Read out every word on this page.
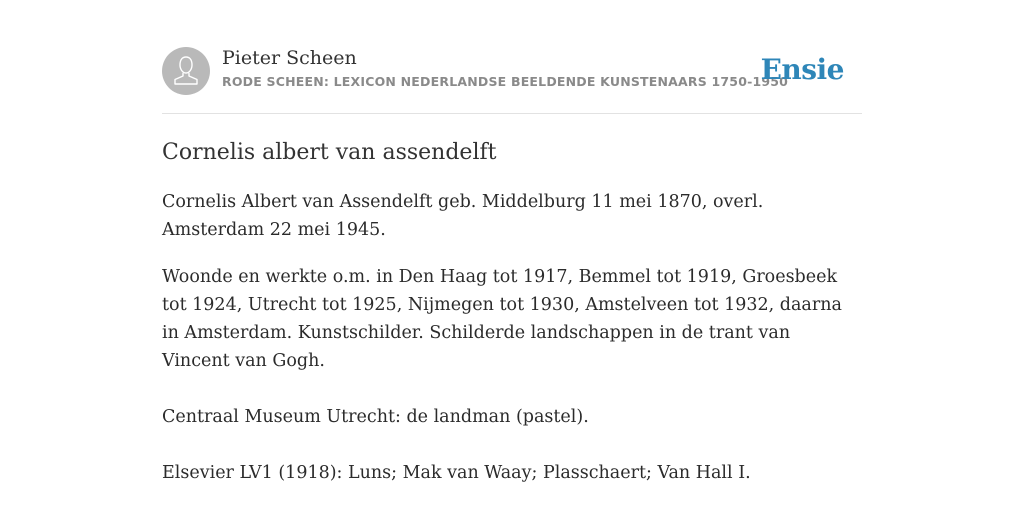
Pieter Scheen
RODE SCHEEN: LEXICON NEDERLANDSE BEELDENDE KUNSTENAARS 1750-1950
Ensie
Cornelis albert van assendelft

Cornelis Albert van Assendelft geb. Middelburg 11 mei 1870, overl. Amsterdam 22 mei 1945.

Woonde en werkte o.m. in Den Haag tot 1917, Bemmel tot 1919, Groesbeek tot 1924, Utrecht tot 1925, Nijmegen tot 1930, Amstelveen tot 1932, daarna in Amsterdam. Kunstschilder. Schilderde landschappen in de trant van Vincent van Gogh.

Centraal Museum Utrecht: de landman (pastel).

Elsevier LV1 (1918): Luns; Mak van Waay; Plasschaert; Van Hall I.
